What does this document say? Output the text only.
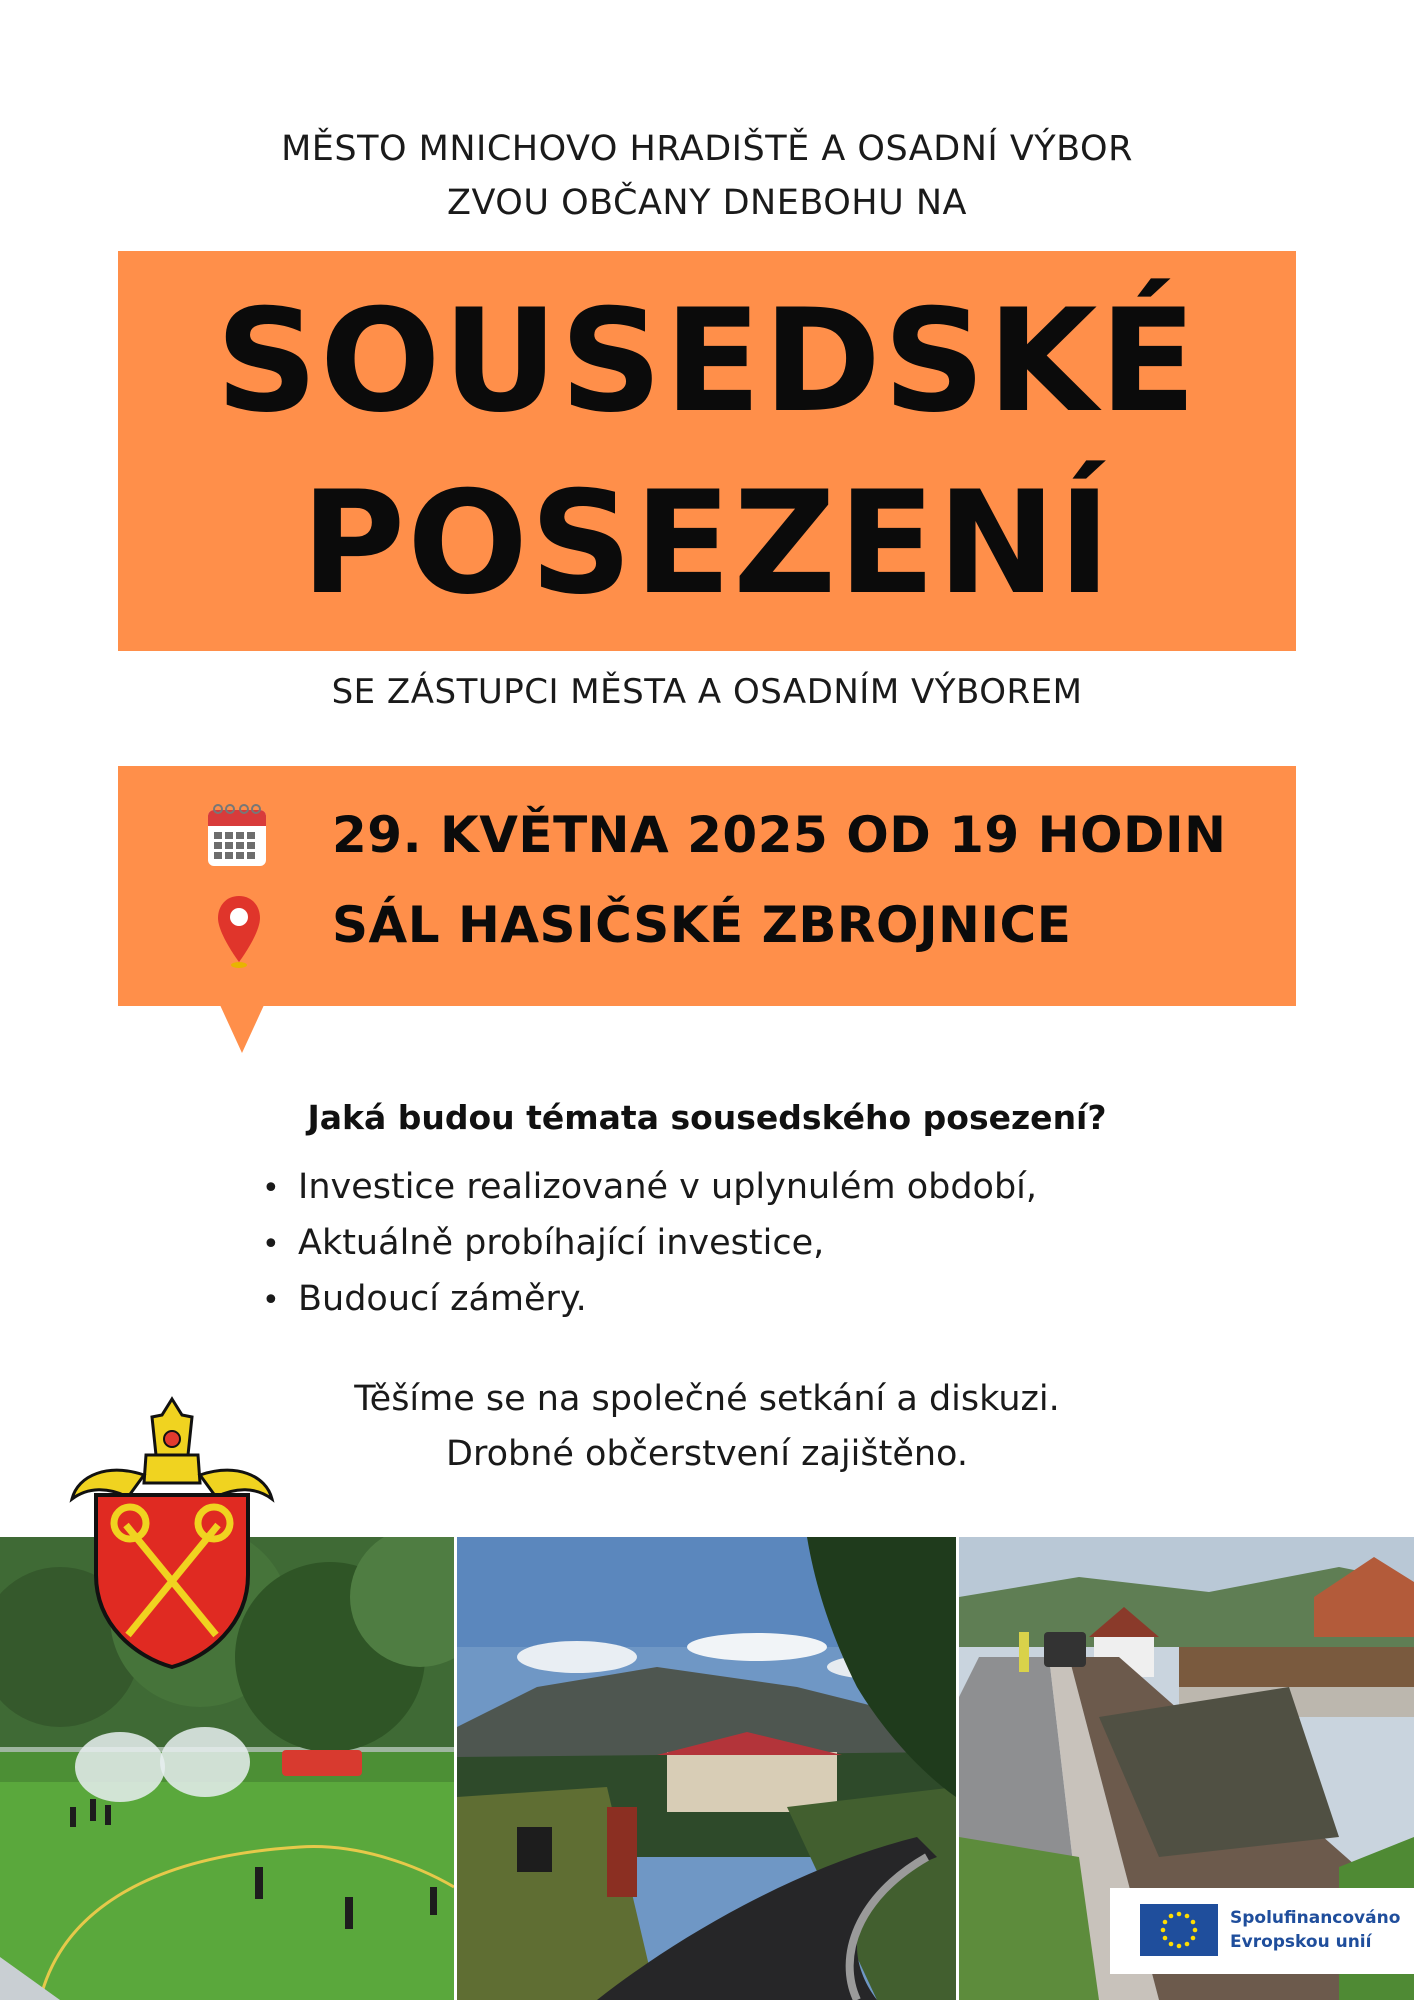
MĚSTO MNICHOVO HRADIŠTĚ A OSADNÍ VÝBOR
ZVOU OBČANY DNEBOHU NA
SOUSEDSKÉ
POSEZENÍ
SE ZÁSTUPCI MĚSTA A OSADNÍM VÝBOREM
29. KVĚTNA 2025 OD 19 HODIN
SÁL HASIČSKÉ ZBROJNICE
Jaká budou témata sousedského posezení?
• Investice realizované v uplynulém období,
• Aktuálně probíhající investice,
• Budoucí záměry.
Těšíme se na společné setkání a diskuzi.
Drobné občerstvení zajištěno.
Spolufinancováno
Evropskou unií
